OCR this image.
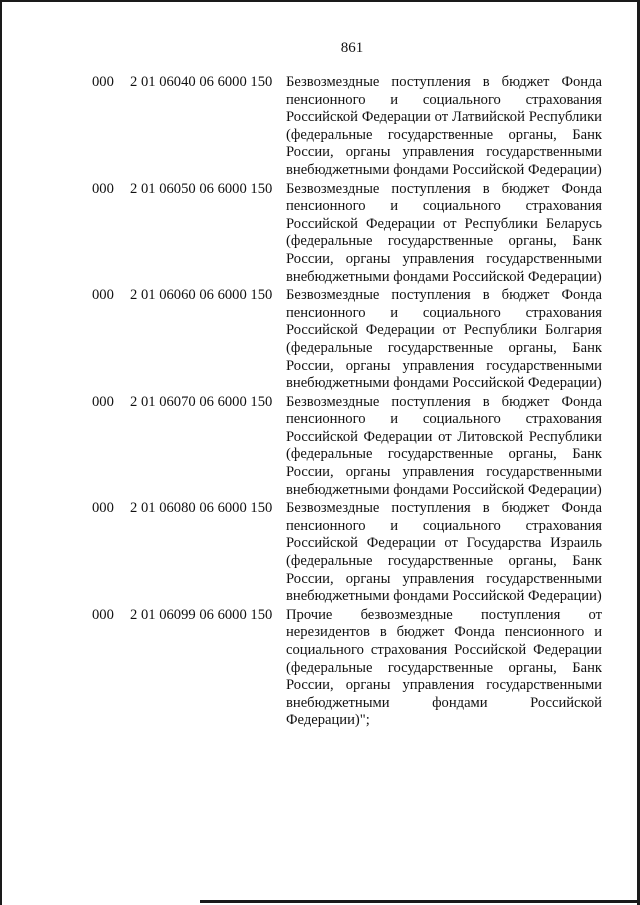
861
000	2 01 06040 06 6000 150 Безвозмездные поступления в бюджет Фонда пенсионного и социального страхования Российской Федерации от Латвийской Республики (федеральные государственные органы, Банк России, органы управления государственными внебюджетными фондами Российской Федерации)
000	2 01 06050 06 6000 150 Безвозмездные поступления в бюджет Фонда пенсионного и социального страхования Российской Федерации от Республики Беларусь (федеральные государственные органы, Банк России, органы управления государственными внебюджетными фондами Российской Федерации)
000	2 01 06060 06 6000 150 Безвозмездные поступления в бюджет Фонда пенсионного и социального страхования Российской Федерации от Республики Болгария (федеральные государственные органы, Банк России, органы управления государственными внебюджетными фондами Российской Федерации)
000	2 01 06070 06 6000 150 Безвозмездные поступления в бюджет Фонда пенсионного и социального страхования Российской Федерации от Литовской Республики (федеральные государственные органы, Банк России, органы управления государственными внебюджетными фондами Российской Федерации)
000	2 01 06080 06 6000 150 Безвозмездные поступления в бюджет Фонда пенсионного и социального страхования Российской Федерации от Государства Израиль (федеральные государственные органы, Банк России, органы управления государственными внебюджетными фондами Российской Федерации)
000	2 01 06099 06 6000 150 Прочие безвозмездные поступления от нерезидентов в бюджет Фонда пенсионного и социального страхования Российской Федерации (федеральные государственные органы, Банк России, органы управления государственными внебюджетными фондами Российской Федерации)";
